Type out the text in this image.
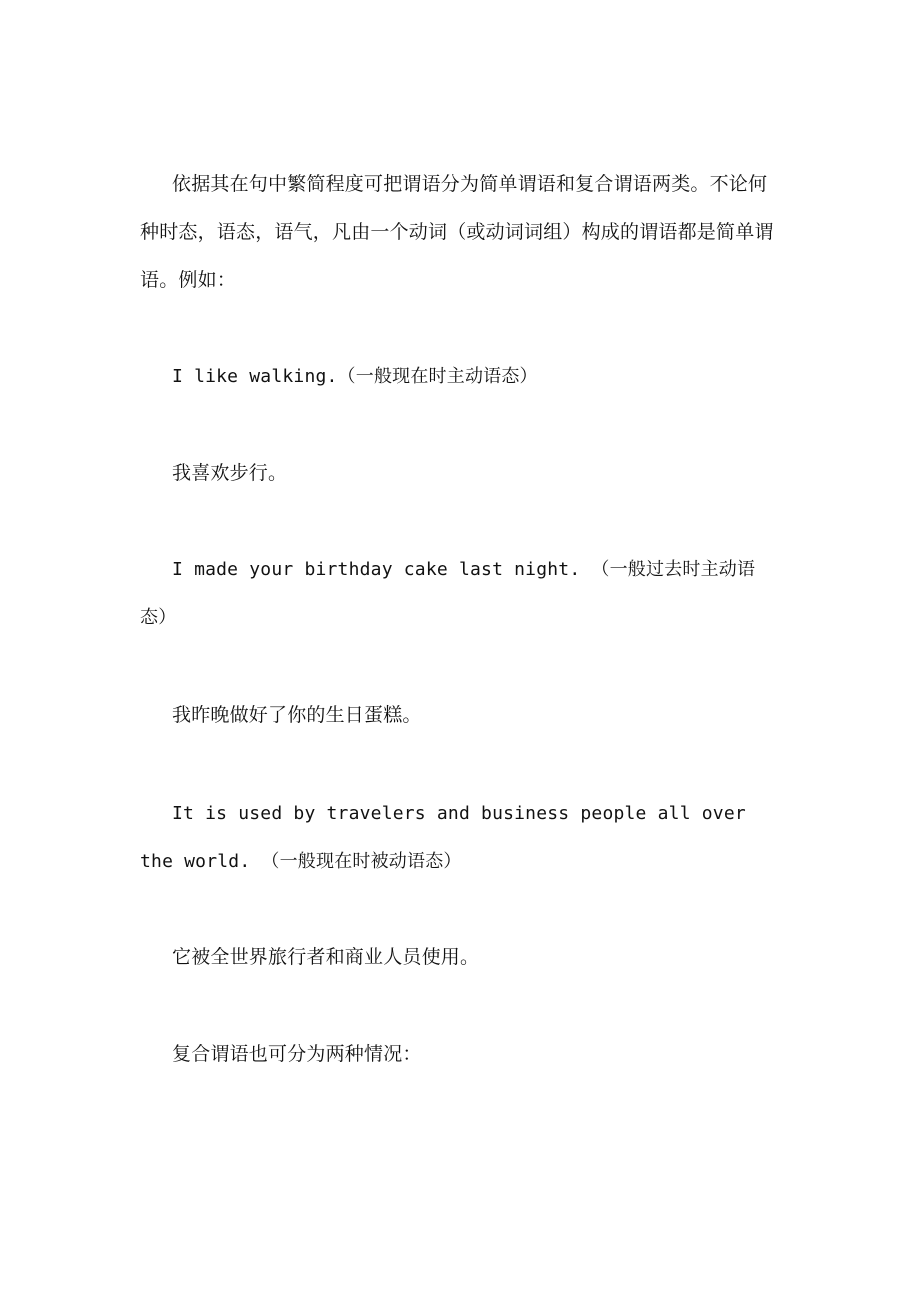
依据其在句中繁简程度可把谓语分为简单谓语和复合谓语两类。不论何种时态，语态，语气，凡由一个动词（或动词词组）构成的谓语都是简单谓语。例如：

I like walking.（一般现在时主动语态）

我喜欢步行。

I made your birthday cake last night. （一般过去时主动语态）

我昨晚做好了你的生日蛋糕。

It is used by travelers and business people all over the world. （一般现在时被动语态）

它被全世界旅行者和商业人员使用。

复合谓语也可分为两种情况：
